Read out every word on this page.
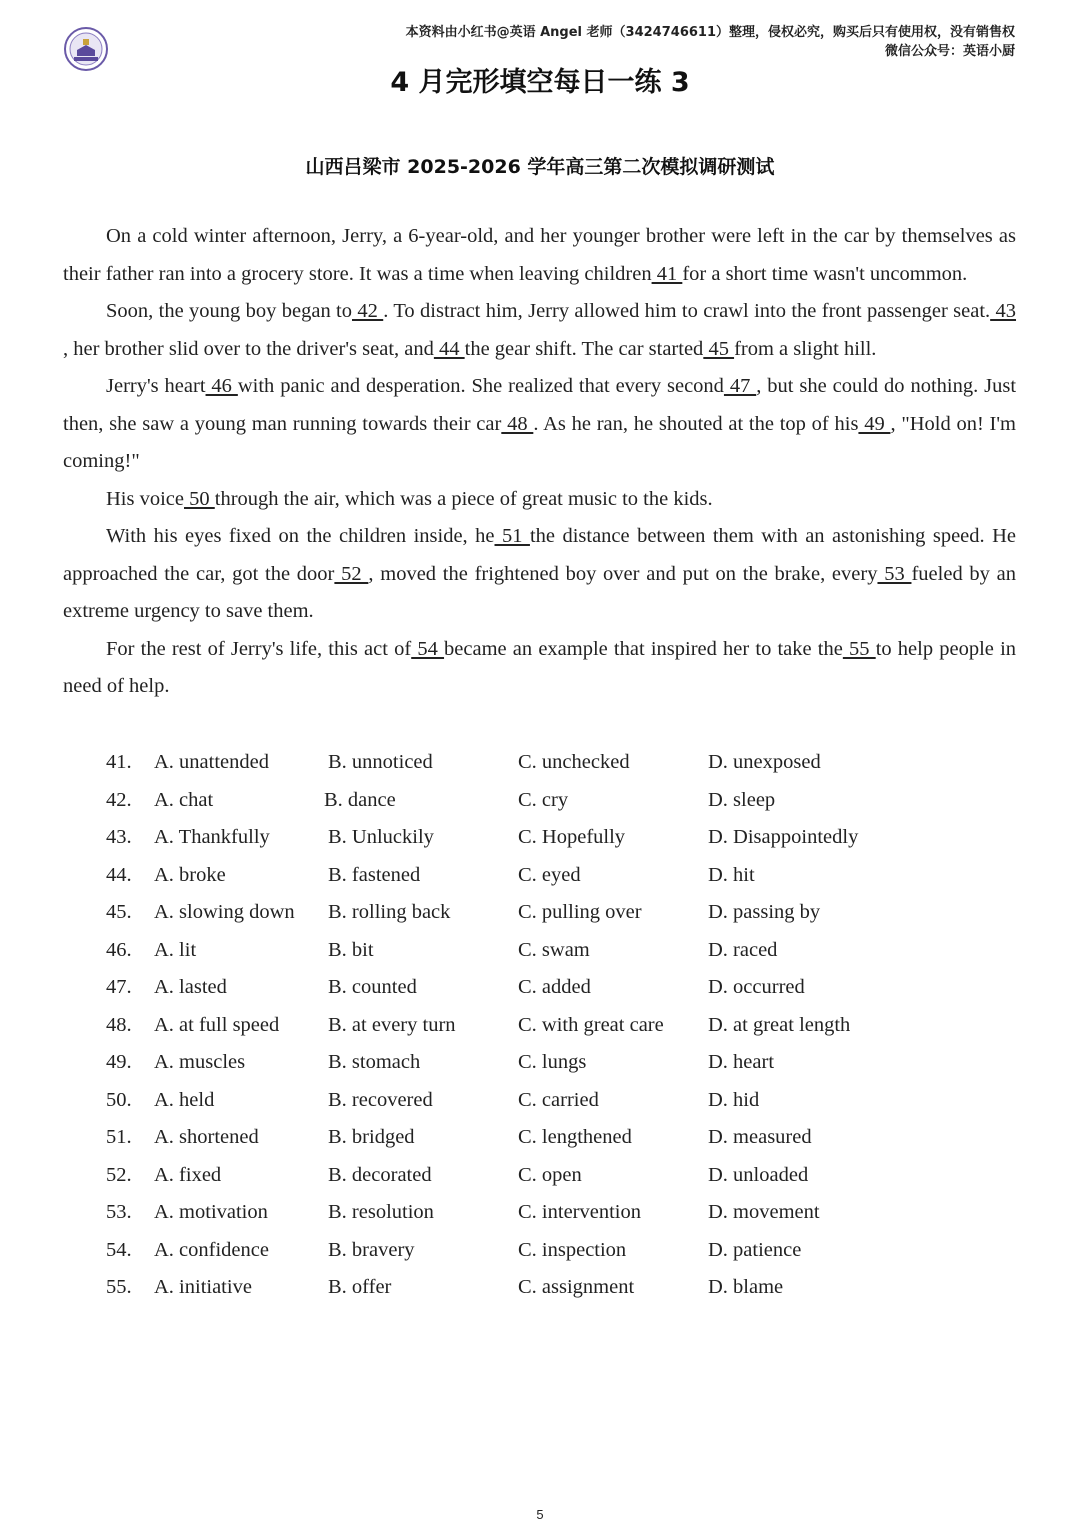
本资料由小红书@英语 Angel 老师（3424746611）整理，侵权必究，购买后只有使用权，没有销售权
微信公众号：英语小厨
4 月完形填空每日一练 3
山西吕梁市 2025-2026 学年高三第二次模拟调研测试

On a cold winter afternoon, Jerry, a 6-year-old, and her younger brother were left in the car by themselves as their father ran into a grocery store. It was a time when leaving children 41 for a short time wasn't uncommon.

Soon, the young boy began to 42 . To distract him, Jerry allowed him to crawl into the front passenger seat. 43 , her brother slid over to the driver's seat, and 44 the gear shift. The car started 45 from a slight hill.

Jerry's heart 46 with panic and desperation. She realized that every second 47 , but she could do nothing. Just then, she saw a young man running towards their car 48 . As he ran, he shouted at the top of his 49 , "Hold on! I'm coming!"

His voice 50 through the air, which was a piece of great music to the kids.

With his eyes fixed on the children inside, he 51 the distance between them with an astonishing speed. He approached the car, got the door 52 , moved the frightened boy over and put on the brake, every 53 fueled by an extreme urgency to save them.

For the rest of Jerry's life, this act of 54 became an example that inspired her to take the 55 to help people in need of help.

41. A. unattended	B. unnoticed	C. unchecked	D. unexposed
42. A. chat	B. dance	C. cry	D. sleep
43. A. Thankfully	B. Unluckily	C. Hopefully	D. Disappointedly
44. A. broke	B. fastened	C. eyed	D. hit
45. A. slowing down B. rolling back	C. pulling over	D. passing by
46. A. lit	B. bit	C. swam	D. raced
47. A. lasted	B. counted	C. added	D. occurred
48. A. at full speed B. at every turn	C. with great care D. at great length
49. A. muscles	B. stomach	C. lungs	D. heart
50. A. held	B. recovered	C. carried	D. hid
51. A. shortened	B. bridged	C. lengthened	D. measured
52. A. fixed	B. decorated	C. open	D. unloaded
53. A. motivation	B. resolution	C. intervention	D. movement
54. A. confidence	B. bravery	C. inspection	D. patience
55. A. initiative	B. offer	C. assignment	D. blame
5
